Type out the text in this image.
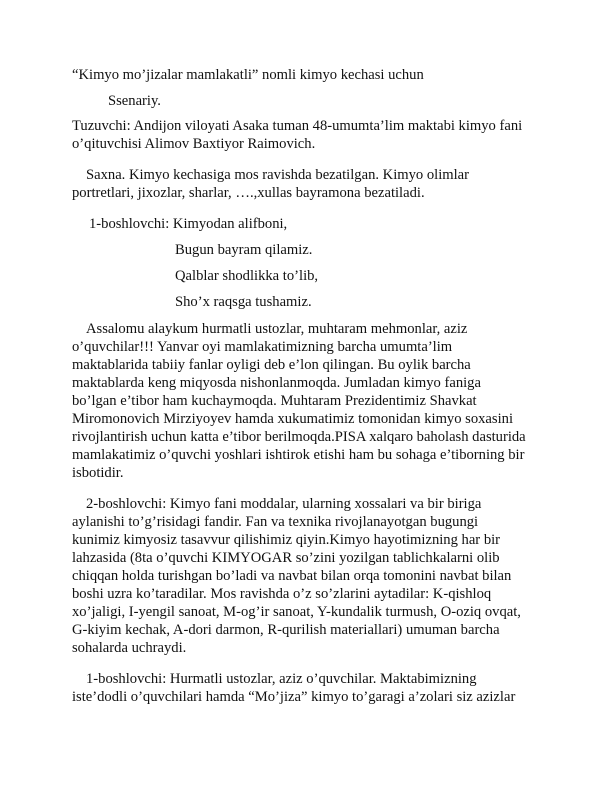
“Kimyo mo’jizalar mamlakatli” nomli kimyo kechasi uchun

Ssenariy.

Tuzuvchi: Andijon viloyati Asaka tuman 48-umumta’lim maktabi kimyo fani

o’qituvchisi Alimov Baxtiyor Raimovich.

Saxna. Kimyo kechasiga mos ravishda bezatilgan. Kimyo olimlar

portretlari, jixozlar, sharlar, ….,xullas bayramona bezatiladi.

1-boshlovchi: Kimyodan alifboni,

Bugun bayram qilamiz.

Qalblar shodlikka to’lib,

Sho’x raqsga tushamiz.

Assalomu alaykum hurmatli ustozlar, muhtaram mehmonlar, aziz

o’quvchilar!!! Yanvar oyi mamlakatimizning barcha umumta’lim

maktablarida tabiiy fanlar oyligi deb e’lon qilingan. Bu oylik barcha

maktablarda keng miqyosda nishonlanmoqda. Jumladan kimyo faniga

bo’lgan e’tibor ham kuchaymoqda. Muhtaram Prezidentimiz Shavkat

Miromonovich Mirziyoyev hamda xukumatimiz tomonidan kimyo soxasini

rivojlantirish uchun katta e’tibor berilmoqda.PISA xalqaro baholash dasturida

mamlakatimiz o’quvchi yoshlari ishtirok etishi ham bu sohaga e’tiborning bir

isbotidir.

2-boshlovchi: Kimyo fani moddalar, ularning xossalari va bir biriga

aylanishi to’g’risidagi fandir. Fan va texnika rivojlanayotgan bugungi

kunimiz kimyosiz tasavvur qilishimiz qiyin.Kimyo hayotimizning har bir

lahzasida (8ta o’quvchi KIMYOGAR so’zini yozilgan tablichkalarni olib

chiqqan holda turishgan bo’ladi va navbat bilan orqa tomonini navbat bilan

boshi uzra ko’taradilar. Mos ravishda o’z so’zlarini aytadilar: K-qishloq

xo’jaligi, I-yengil sanoat, M-og’ir sanoat, Y-kundalik turmush, O-oziq ovqat,

G-kiyim kechak, A-dori darmon, R-qurilish materiallari) umuman barcha

sohalarda uchraydi.

1-boshlovchi: Hurmatli ustozlar, aziz o’quvchilar. Maktabimizning

iste’dodli o’quvchilari hamda “Mo’jiza” kimyo to’garagi a’zolari siz azizlar
